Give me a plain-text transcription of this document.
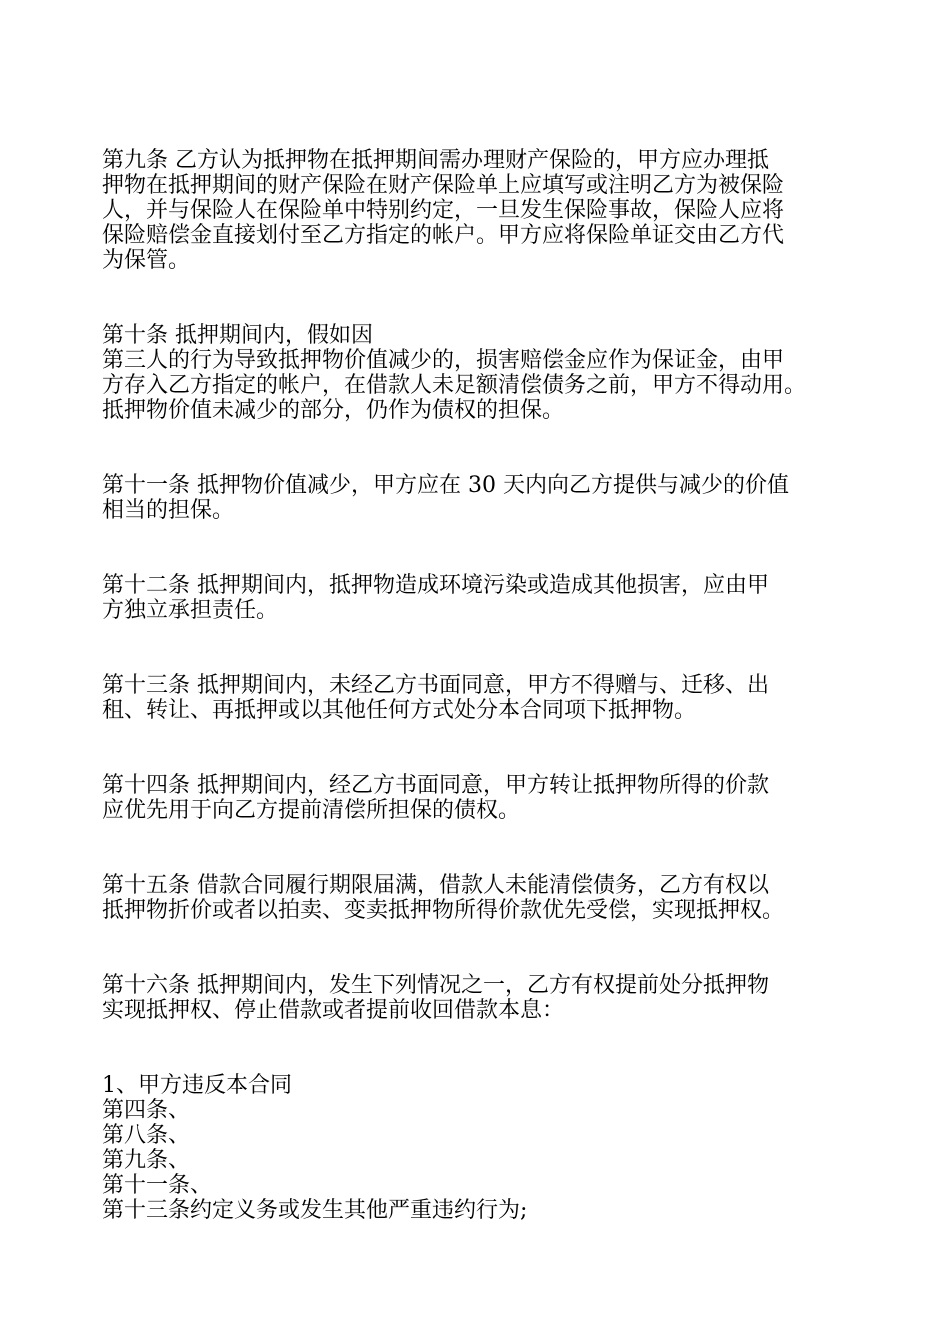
第九条 乙方认为抵押物在抵押期间需办理财产保险的，甲方应办理抵
押物在抵押期间的财产保险在财产保险单上应填写或注明乙方为被保险
人，并与保险人在保险单中特别约定，一旦发生保险事故，保险人应将
保险赔偿金直接划付至乙方指定的帐户。甲方应将保险单证交由乙方代
为保管。
第十条 抵押期间内，假如因
第三人的行为导致抵押物价值减少的，损害赔偿金应作为保证金，由甲
方存入乙方指定的帐户，在借款人未足额清偿债务之前，甲方不得动用。
抵押物价值未减少的部分，仍作为债权的担保。
第十一条 抵押物价值减少，甲方应在 30 天内向乙方提供与减少的价值
相当的担保。
第十二条 抵押期间内，抵押物造成环境污染或造成其他损害，应由甲
方独立承担责任。
第十三条 抵押期间内，未经乙方书面同意，甲方不得赠与、迁移、出
租、转让、再抵押或以其他任何方式处分本合同项下抵押物。
第十四条 抵押期间内，经乙方书面同意，甲方转让抵押物所得的价款
应优先用于向乙方提前清偿所担保的债权。
第十五条 借款合同履行期限届满，借款人未能清偿债务，乙方有权以
抵押物折价或者以拍卖、变卖抵押物所得价款优先受偿，实现抵押权。
第十六条 抵押期间内，发生下列情况之一，乙方有权提前处分抵押物
实现抵押权、停止借款或者提前收回借款本息：
1、甲方违反本合同
第四条、
第八条、
第九条、
第十一条、
第十三条约定义务或发生其他严重违约行为;
